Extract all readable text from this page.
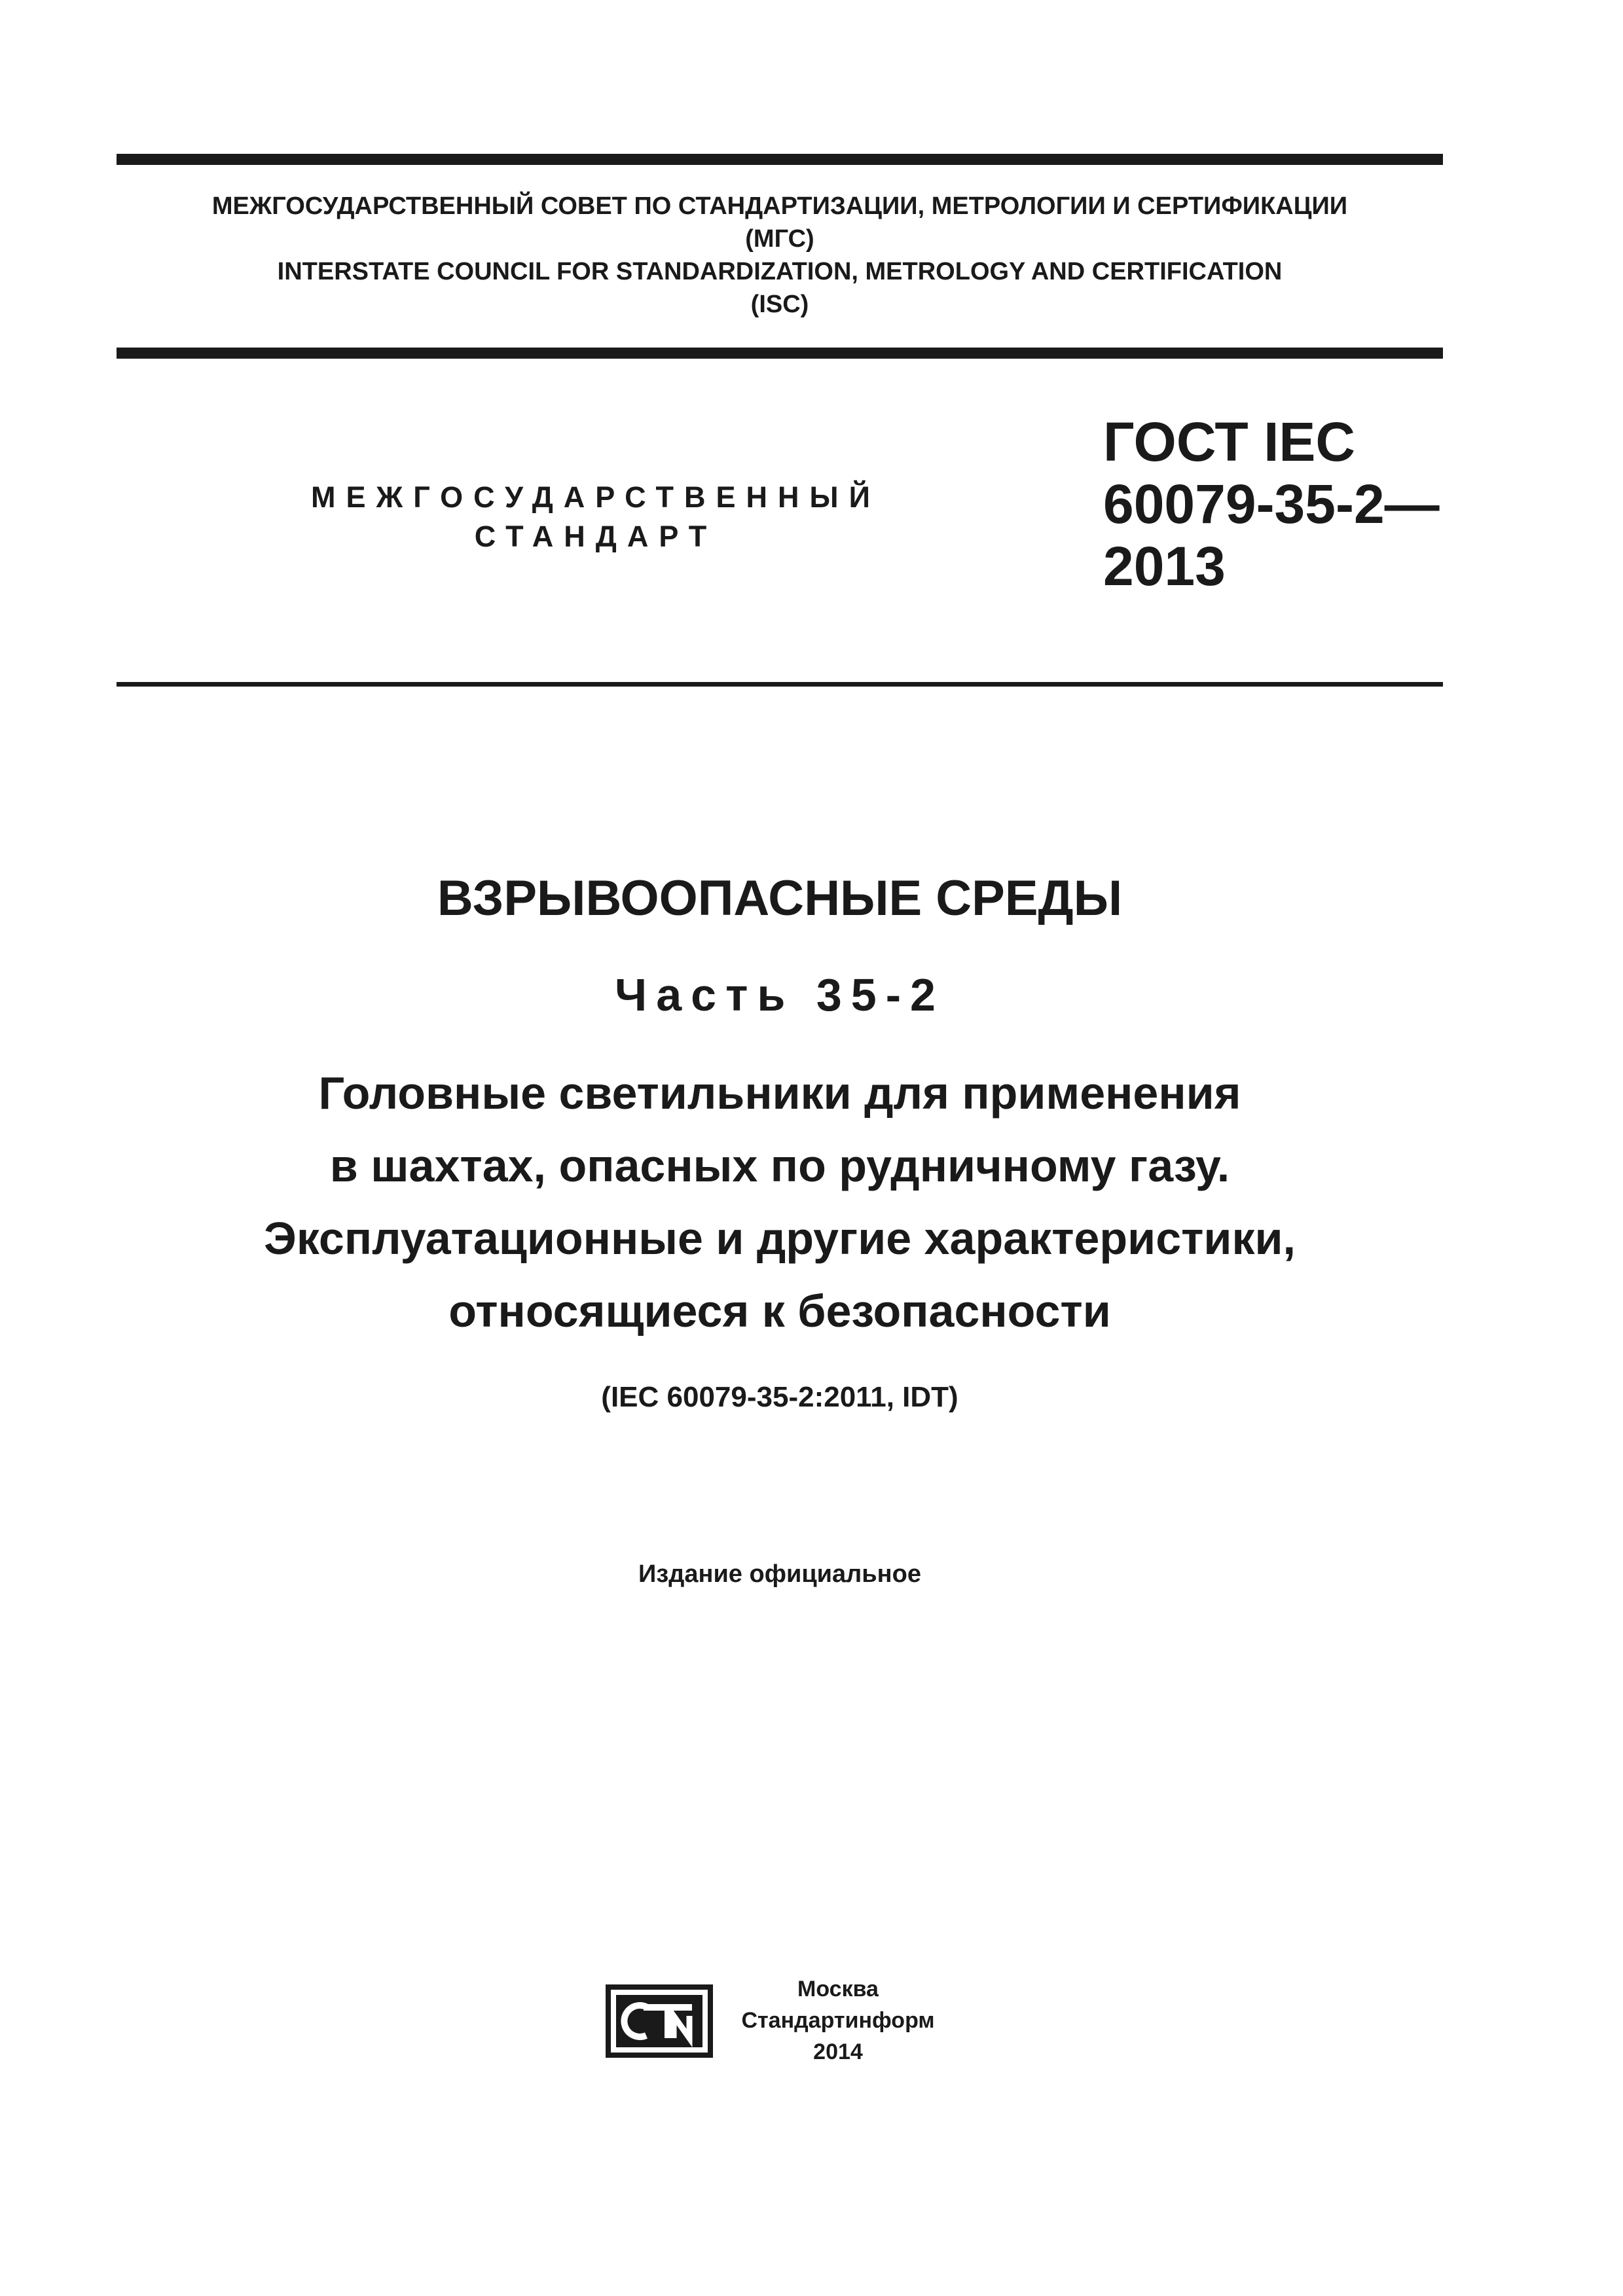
МЕЖГОСУДАРСТВЕННЫЙ СОВЕТ ПО СТАНДАРТИЗАЦИИ, МЕТРОЛОГИИ И СЕРТИФИКАЦИИ
(МГС)
INTERSTATE COUNCIL FOR STANDARDIZATION, METROLOGY AND CERTIFICATION
(ISC)
МЕЖГОСУДАРСТВЕННЫЙ
СТАНДАРТ
ГОСТ IEC
60079-35-2—
2013
ВЗРЫВООПАСНЫЕ СРЕДЫ
Часть 35-2
Головные светильники для применения
в шахтах, опасных по рудничному газу.
Эксплуатационные и другие характеристики,
относящиеся к безопасности
(IEC 60079-35-2:2011, IDT)
Издание официальное
Москва
Стандартинформ
2014
